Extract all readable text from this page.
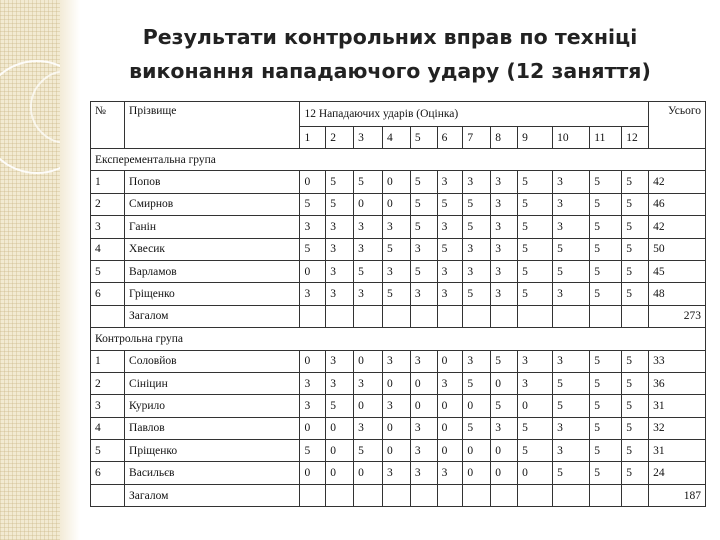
Результати контрольних вправ по техніці
виконання нападаючого удару (12 заняття)
№	Прізвище	12 Нападаючих ударів (Оцінка)												Усього
		1	2	3	4	5	6	7	8	9	10	11	12	
Експерементальна група														
1	Попов	0	5	5	0	5	3	3	3	5	3	5	5	42
2	Смирнов	5	5	0	0	5	5	5	3	5	3	5	5	46
3	Ганін	3	3	3	3	5	3	5	3	5	3	5	5	42
4	Хвесик	5	3	3	5	3	5	3	3	5	5	5	5	50
5	Варламов	0	3	5	3	5	3	3	3	5	5	5	5	45
6	Гріщенко	3	3	3	5	3	3	5	3	5	3	5	5	48
	Загалом													273
Контрольна група														
1	Соловйов	0	3	0	3	3	0	3	5	3	3	5	5	33
2	Сініцин	3	3	3	0	0	3	5	0	3	5	5	5	36
3	Курило	3	5	0	3	0	0	0	5	0	5	5	5	31
4	Павлов	0	0	3	0	3	0	5	3	5	3	5	5	32
5	Пріщенко	5	0	5	0	3	0	0	0	5	3	5	5	31
6	Васильєв	0	0	0	3	3	3	0	0	0	5	5	5	24
	Загалом													187
